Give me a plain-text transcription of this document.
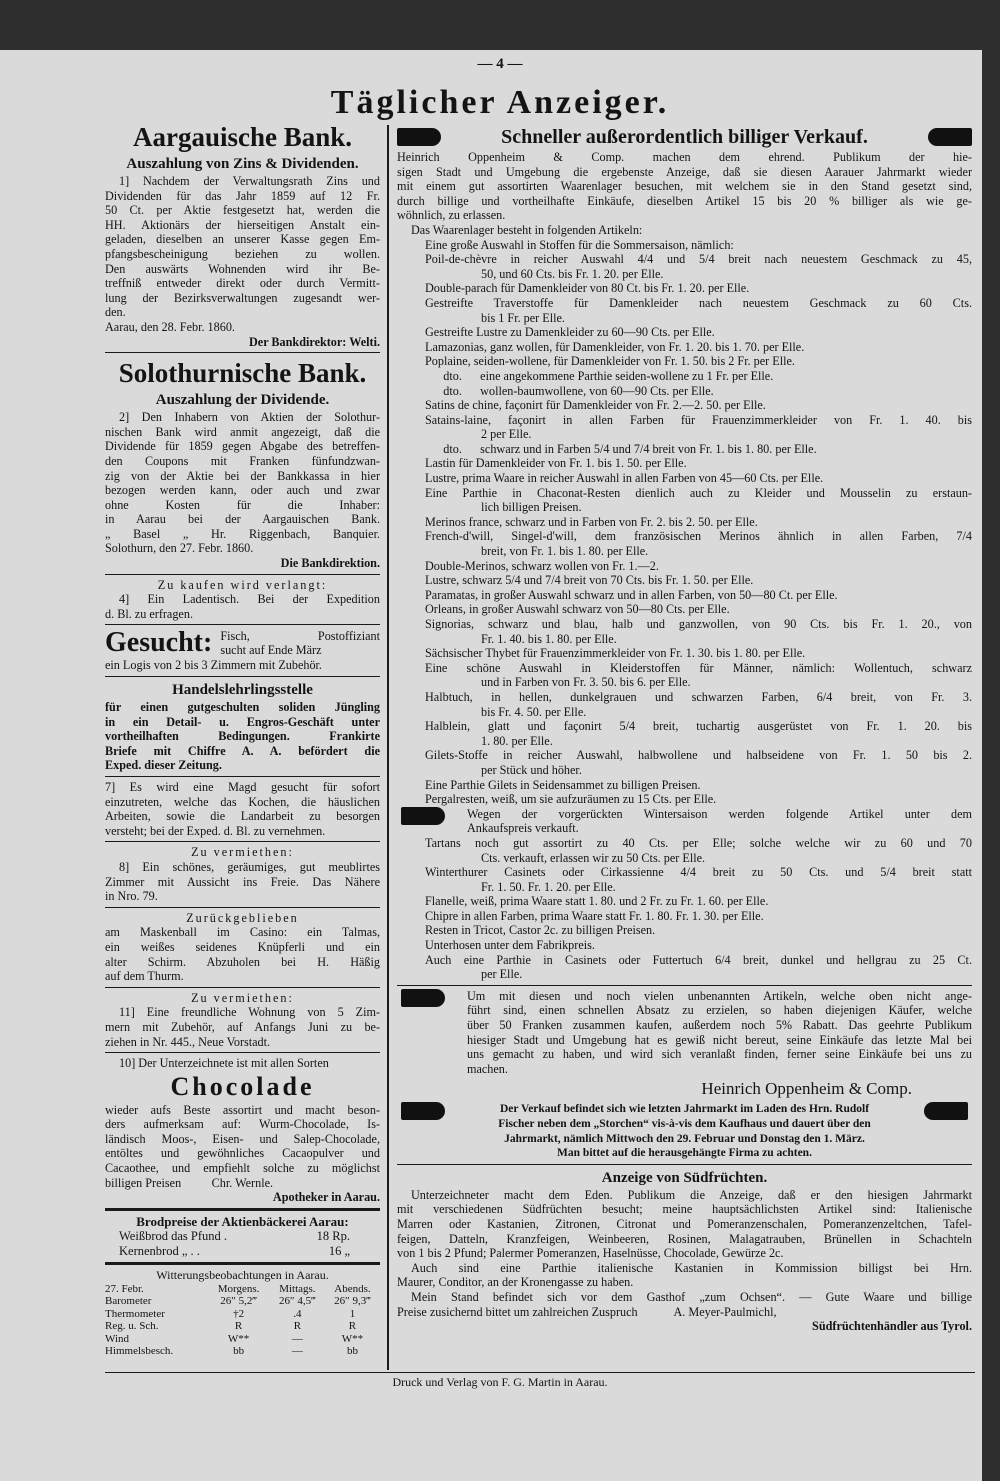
— 4 —
Täglicher Anzeiger.
Aargauische Bank.
Auszahlung von Zins & Dividenden.
1] Nachdem der Verwaltungsrath Zins und
Dividenden für das Jahr 1859 auf 12 Fr.
50 Ct. per Aktie festgesetzt hat, werden die
HH. Aktionärs der hierseitigen Anstalt ein-
geladen, dieselben an unserer Kasse gegen Em-
pfangsbescheinigung beziehen zu wollen.
Den auswärts Wohnenden wird ihr Be-
treffniß entweder direkt oder durch Vermitt-
lung der Bezirksverwaltungen zugesandt wer-
den.
Aarau, den 28. Febr. 1860.
Der Bankdirektor: Welti.
Solothurnische Bank.
Auszahlung der Dividende.
2] Den Inhabern von Aktien der Solothur-
nischen Bank wird anmit angezeigt, daß die
Dividende für 1859 gegen Abgabe des betreffen-
den Coupons mit Franken fünfundzwan-
zig von der Aktie bei der Bankkassa in hier
bezogen werden kann, oder auch und zwar
ohne Kosten für die Inhaber:
in Aarau bei der Aargauischen Bank.
„ Basel „ Hr. Riggenbach, Banquier.
Solothurn, den 27. Febr. 1860.
Die Bankdirektion.
Zu kaufen wird verlangt:
4] Ein Ladentisch. Bei der Expedition
d. Bl. zu erfragen.
Gesucht: Fisch, Postoffiziant
sucht auf Ende März
ein Logis von 2 bis 3 Zimmern mit Zubehör.
Handelslehrlingsstelle
für einen gutgeschulten soliden Jüngling
in ein Detail- u. Engros-Geschäft unter
vortheilhaften Bedingungen. Frankirte
Briefe mit Chiffre A. A. befördert die
Exped. dieser Zeitung.
7] Es wird eine Magd gesucht für sofort
einzutreten, welche das Kochen, die häuslichen
Arbeiten, sowie die Landarbeit zu besorgen
versteht; bei der Exped. d. Bl. zu vernehmen.
Zu vermiethen:
8] Ein schönes, geräumiges, gut meublirtes
Zimmer mit Aussicht ins Freie. Das Nähere
in Nro. 79.
Zurückgeblieben
am Maskenball im Casino: ein Talmas,
ein weißes seidenes Knüpferli und ein
alter Schirm. Abzuholen bei H. Häßig
auf dem Thurm.
Zu vermiethen:
11] Eine freundliche Wohnung von 5 Zim-
mern mit Zubehör, auf Anfangs Juni zu be-
ziehen in Nr. 445., Neue Vorstadt.
10] Der Unterzeichnete ist mit allen Sorten
Chocolade
wieder aufs Beste assortirt und macht beson-
ders aufmerksam auf: Wurm-Chocolade, Is-
ländisch Moos-, Eisen- und Salep-Chocolade,
entöltes und gewöhnliches Cacaopulver und
Cacaothee, und empfiehlt solche zu möglichst
billigen Preisen          Chr. Wernle.
Apotheker in Aarau.
Brodpreise der Aktienbäckerei Aarau:
Weißbrod das Pfund .	18 Rp.
Kernenbrod „ . .	16 „
Witterungsbeobachtungen in Aarau.
27. Febr.	Morgens.	Mittags.	Abends.
Barometer	26″ 5,2‴	26″ 4,5‴	26″ 9,3‴
Thermometer	†2	.4	1
Reg. u. Sch.	R	R	R
Wind	W**	—	W**
Himmelsbesch.	bb	—	bb
Schneller außerordentlich billiger Verkauf.
Heinrich Oppenheim & Comp. machen dem ehrend. Publikum der hie-
sigen Stadt und Umgebung die ergebenste Anzeige, daß sie diesen Aarauer Jahrmarkt wieder
mit einem gut assortirten Waarenlager besuchen, mit welchem sie in den Stand gesetzt sind,
durch billige und vortheilhafte Einkäufe, dieselben Artikel 15 bis 20 % billiger als wie ge-
wöhnlich, zu erlassen.
Das Waarenlager besteht in folgenden Artikeln:
Eine große Auswahl in Stoffen für die Sommersaison, nämlich:
Poil-de-chèvre in reicher Auswahl 4/4 und 5/4 breit nach neuestem Geschmack zu 45,
50, und 60 Cts. bis Fr. 1. 20. per Elle.
Double-parach für Damenkleider von 80 Ct. bis Fr. 1. 20. per Elle.
Gestreifte Traverstoffe für Damenkleider nach neuestem Geschmack zu 60 Cts.
bis 1 Fr. per Elle.
Gestreifte Lustre zu Damenkleider zu 60—90 Cts. per Elle.
Lamazonias, ganz wollen, für Damenkleider, von Fr. 1. 20. bis 1. 70. per Elle.
Poplaine, seiden-wollene, für Damenkleider von Fr. 1. 50. bis 2 Fr. per Elle.
dto.      eine angekommene Parthie seiden-wollene zu 1 Fr. per Elle.
dto.      wollen-baumwollene, von 60—90 Cts. per Elle.
Satins de chine, façonirt für Damenkleider von Fr. 2.—2. 50. per Elle.
Satains-laine, façonirt in allen Farben für Frauenzimmerkleider von Fr. 1. 40. bis
2 per Elle.
dto.      schwarz und in Farben 5/4 und 7/4 breit von Fr. 1. bis 1. 80. per Elle.
Lastin für Damenkleider von Fr. 1. bis 1. 50. per Elle.
Lustre, prima Waare in reicher Auswahl in allen Farben von 45—60 Cts. per Elle.
Eine Parthie in Chaconat-Resten dienlich auch zu Kleider und Mousselin zu erstaun-
lich billigen Preisen.
Merinos france, schwarz und in Farben von Fr. 2. bis 2. 50. per Elle.
French-d'will, Singel-d'will, dem französischen Merinos ähnlich in allen Farben, 7/4
breit, von Fr. 1. bis 1. 80. per Elle.
Double-Merinos, schwarz wollen von Fr. 1.—2.
Lustre, schwarz 5/4 und 7/4 breit von 70 Cts. bis Fr. 1. 50. per Elle.
Paramatas, in großer Auswahl schwarz und in allen Farben, von 50—80 Ct. per Elle.
Orleans, in großer Auswahl schwarz von 50—80 Cts. per Elle.
Signorias, schwarz und blau, halb und ganzwollen, von 90 Cts. bis Fr. 1. 20., von
Fr. 1. 40. bis 1. 80. per Elle.
Sächsischer Thybet für Frauenzimmerkleider von Fr. 1. 30. bis 1. 80. per Elle.
Eine schöne Auswahl in Kleiderstoffen für Männer, nämlich: Wollentuch, schwarz
und in Farben von Fr. 3. 50. bis 6. per Elle.
Halbtuch, in hellen, dunkelgrauen und schwarzen Farben, 6/4 breit, von Fr. 3.
bis Fr. 4. 50. per Elle.
Halblein, glatt und façonirt 5/4 breit, tuchartig ausgerüstet von Fr. 1. 20. bis
1. 80. per Elle.
Gilets-Stoffe in reicher Auswahl, halbwollene und halbseidene von Fr. 1. 50 bis 2.
per Stück und höher.
Eine Parthie Gilets in Seidensammet zu billigen Preisen.
Pergalresten, weiß, um sie aufzuräumen zu 15 Cts. per Elle.
Wegen der vorgerückten Wintersaison werden folgende Artikel unter dem
Ankaufspreis verkauft.
Tartans noch gut assortirt zu 40 Cts. per Elle; solche welche wir zu 60 und 70
Cts. verkauft, erlassen wir zu 50 Cts. per Elle.
Winterthurer Casinets oder Cirkassienne 4/4 breit zu 50 Cts. und 5/4 breit statt
Fr. 1. 50. Fr. 1. 20. per Elle.
Flanelle, weiß, prima Waare statt 1. 80. und 2 Fr. zu Fr. 1. 60. per Elle.
Chipre in allen Farben, prima Waare statt Fr. 1. 80. Fr. 1. 30. per Elle.
Resten in Tricot, Castor 2c. zu billigen Preisen.
Unterhosen unter dem Fabrikpreis.
Auch eine Parthie in Casinets oder Futtertuch 6/4 breit, dunkel und hellgrau zu 25 Ct.
per Elle.
Um mit diesen und noch vielen unbenannten Artikeln, welche oben nicht ange-
führt sind, einen schnellen Absatz zu erzielen, so haben diejenigen Käufer, welche
über 50 Franken zusammen kaufen, außerdem noch 5% Rabatt. Das geehrte Publikum
hiesiger Stadt und Umgebung hat es gewiß nicht bereut, seine Einkäufe das letzte Mal bei
uns gemacht zu haben, und wird sich veranlaßt finden, ferner seine Einkäufe bei uns zu
machen.
Heinrich Oppenheim & Comp.
Der Verkauf befindet sich wie letzten Jahrmarkt im Laden des Hrn. Rudolf
Fischer neben dem „Storchen“ vis-à-vis dem Kaufhaus und dauert über den
Jahrmarkt, nämlich Mittwoch den 29. Februar und Donstag den 1. März.
Man bittet auf die herausgehängte Firma zu achten.
Anzeige von Südfrüchten.
Unterzeichneter macht dem Eden. Publikum die Anzeige, daß er den hiesigen Jahrmarkt
mit verschiedenen Südfrüchten besucht; meine hauptsächlichsten Artikel sind: Italienische
Marren oder Kastanien, Zitronen, Citronat und Pomeranzenschalen, Pomeranzenzeltchen, Tafel-
feigen, Datteln, Kranzfeigen, Weinbeeren, Rosinen, Malagatrauben, Brünellen in Schachteln
von 1 bis 2 Pfund; Palermer Pomeranzen, Haselnüsse, Chocolade, Gewürze 2c.
Auch sind eine Parthie italienische Kastanien in Kommission billigst bei Hrn.
Maurer, Conditor, an der Kronengasse zu haben.
Mein Stand befindet sich vor dem Gasthof „zum Ochsen“. — Gute Waare und billige
Preise zusichernd bittet um zahlreichen Zuspruch            A. Meyer-Paulmichl,
Südfrüchtenhändler aus Tyrol.
Druck und Verlag von F. G. Martin in Aarau.
